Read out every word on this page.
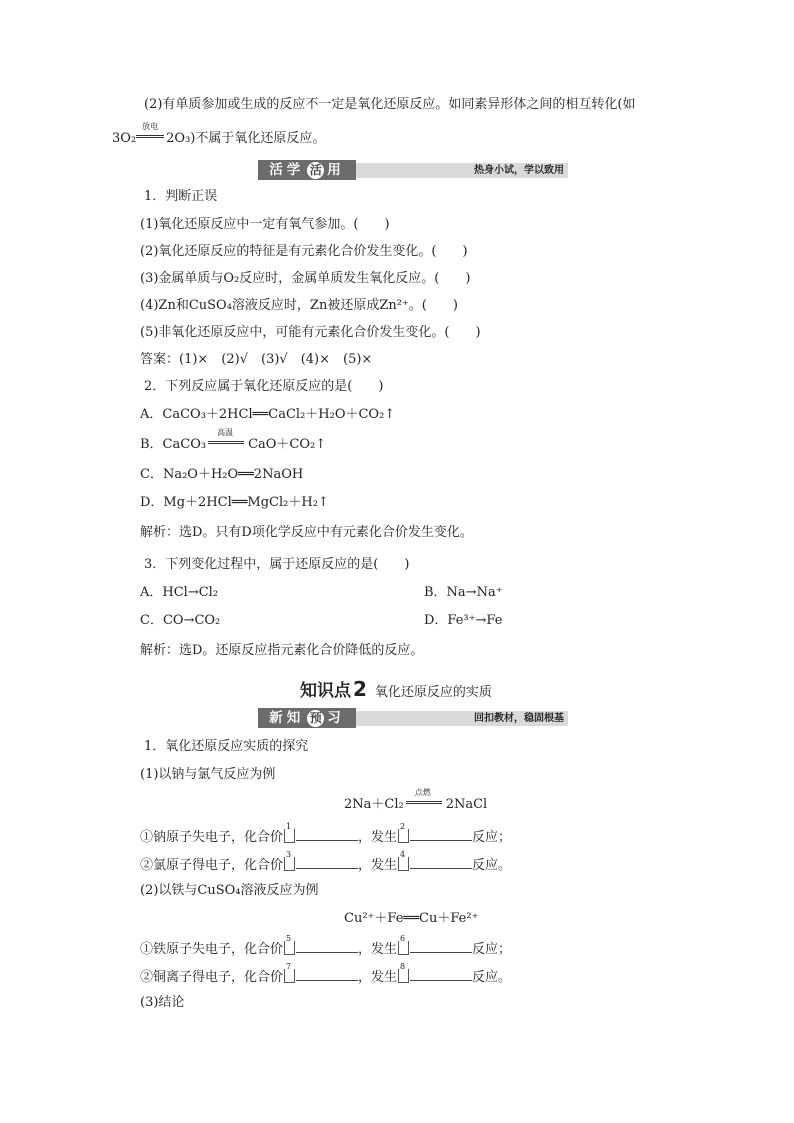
(2)有单质参加或生成的反应不一定是氧化还原反应。如同素异形体之间的相互转化(如
3O₂
放电
2O₃)不属于氧化还原反应。
活学 活 用	热身小试，学以致用
1．判断正误
(1)氧化还原反应中一定有氧气参加。(　　)
(2)氧化还原反应的特征是有元素化合价发生变化。(　　)
(3)金属单质与O₂反应时，金属单质发生氧化反应。(　　)
(4)Zn和CuSO₄溶液反应时，Zn被还原成Zn²⁺。(　　)
(5)非氧化还原反应中，可能有元素化合价发生变化。(　　)
答案：(1)×　(2)√　(3)√　(4)×　(5)×
2．下列反应属于氧化还原反应的是(　　)
A．CaCO₃＋2HCl══CaCl₂＋H₂O＋CO₂↑
B．CaCO₃
高温
CaO＋CO₂↑
C．Na₂O＋H₂O══2NaOH
D．Mg＋2HCl══MgCl₂＋H₂↑
解析：选D。只有D项化学反应中有元素化合价发生变化。
3．下列变化过程中，属于还原反应的是(　　)
A．HCl→Cl₂	B．Na→Na⁺
C．CO→CO₂	D．Fe³⁺→Fe
解析：选D。还原反应指元素化合价降低的反应。
知识点 2 氧化还原反应的实质
新知 预 习	回扣教材，稳固根基
1．氧化还原反应实质的探究
(1)以钠与氯气反应为例
2Na＋Cl₂
点燃
2NaCl
①钠原子失电子，化合价
1
，发生
2
反应；
②氯原子得电子，化合价
3
，发生
4
反应。
(2)以铁与CuSO₄溶液反应为例
Cu²⁺＋Fe══Cu＋Fe²⁺
①铁原子失电子，化合价
5
，发生
6
反应；
②铜离子得电子，化合价
7
，发生
8
反应。
(3)结论
